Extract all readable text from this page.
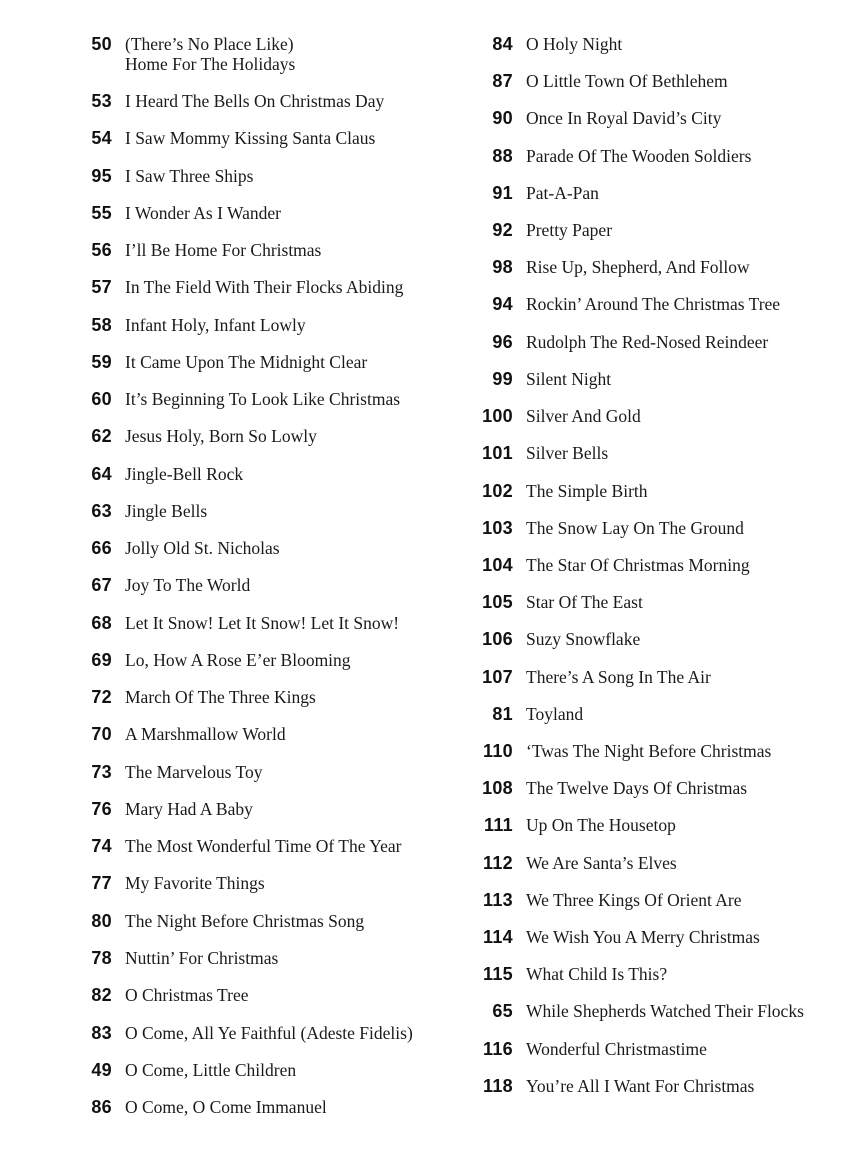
50 (There’s No Place Like)
Home For The Holidays
53 I Heard The Bells On Christmas Day
54 I Saw Mommy Kissing Santa Claus
95 I Saw Three Ships
55 I Wonder As I Wander
56 I’ll Be Home For Christmas
57 In The Field With Their Flocks Abiding
58 Infant Holy, Infant Lowly
59 It Came Upon The Midnight Clear
60 It’s Beginning To Look Like Christmas
62 Jesus Holy, Born So Lowly
64 Jingle-Bell Rock
63 Jingle Bells
66 Jolly Old St. Nicholas
67 Joy To The World
68 Let It Snow! Let It Snow! Let It Snow!
69 Lo, How A Rose E’er Blooming
72 March Of The Three Kings
70 A Marshmallow World
73 The Marvelous Toy
76 Mary Had A Baby
74 The Most Wonderful Time Of The Year
77 My Favorite Things
80 The Night Before Christmas Song
78 Nuttin’ For Christmas
82 O Christmas Tree
83 O Come, All Ye Faithful (Adeste Fidelis)
49 O Come, Little Children
86 O Come, O Come Immanuel
84 O Holy Night
87 O Little Town Of Bethlehem
90 Once In Royal David’s City
88 Parade Of The Wooden Soldiers
91 Pat-A-Pan
92 Pretty Paper
98 Rise Up, Shepherd, And Follow
94 Rockin’ Around The Christmas Tree
96 Rudolph The Red-Nosed Reindeer
99 Silent Night
100 Silver And Gold
101 Silver Bells
102 The Simple Birth
103 The Snow Lay On The Ground
104 The Star Of Christmas Morning
105 Star Of The East
106 Suzy Snowflake
107 There’s A Song In The Air
81 Toyland
110 ‘Twas The Night Before Christmas
108 The Twelve Days Of Christmas
111 Up On The Housetop
112 We Are Santa’s Elves
113 We Three Kings Of Orient Are
114 We Wish You A Merry Christmas
115 What Child Is This?
65 While Shepherds Watched Their Flocks
116 Wonderful Christmastime
118 You’re All I Want For Christmas
